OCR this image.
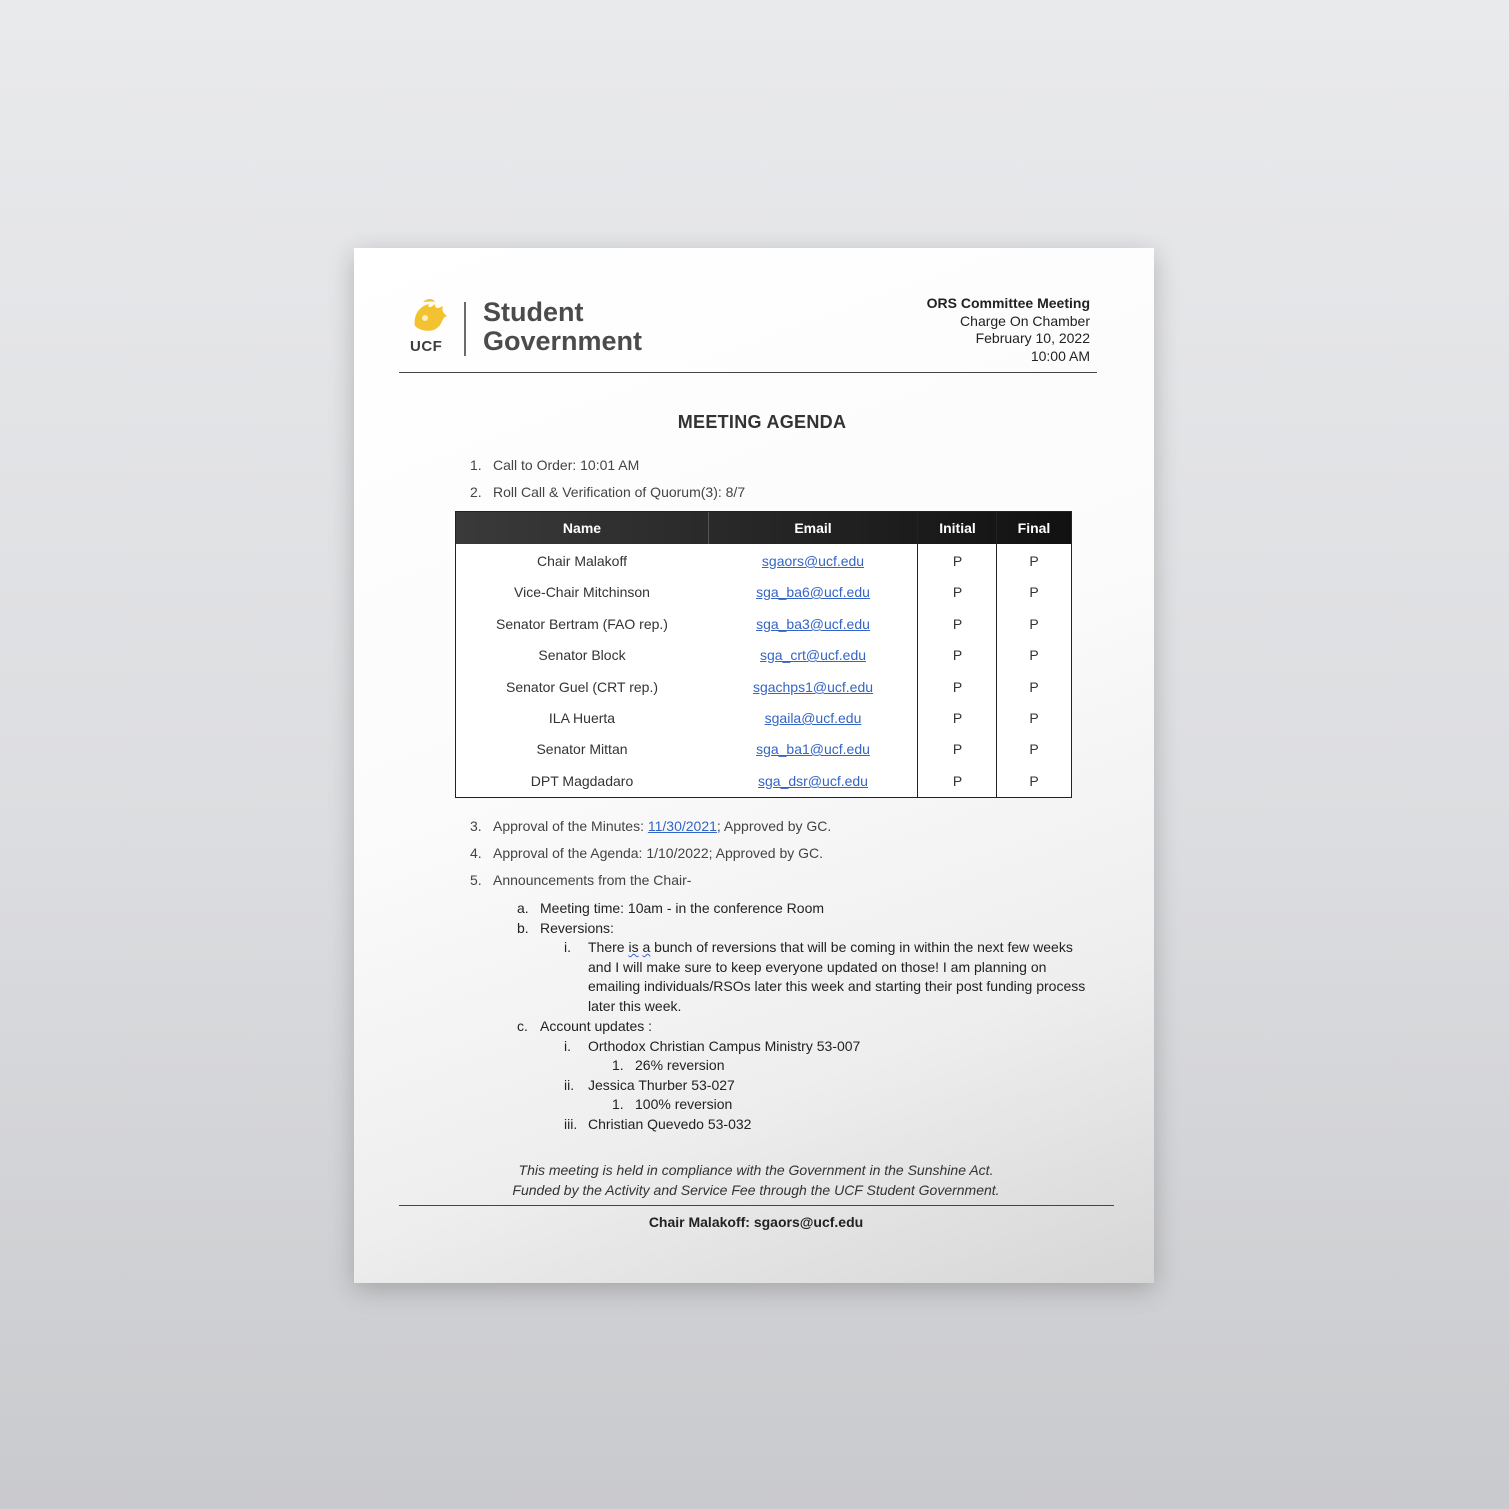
UCF
Student
Government
ORS Committee Meeting
Charge On Chamber
February 10, 2022
10:00 AM
MEETING AGENDA
1. Call to Order: 10:01 AM
2. Roll Call & Verification of Quorum(3): 8/7
Name	Email	Initial	Final
Chair Malakoff	sgaors@ucf.edu	P	P
Vice-Chair Mitchinson	sga_ba6@ucf.edu	P	P
Senator Bertram (FAO rep.)	sga_ba3@ucf.edu	P	P
Senator Block	sga_crt@ucf.edu	P	P
Senator Guel (CRT rep.)	sgachps1@ucf.edu	P	P
ILA Huerta	sgaila@ucf.edu	P	P
Senator Mittan	sga_ba1@ucf.edu	P	P
DPT Magdadaro	sga_dsr@ucf.edu	P	P
3. Approval of the Minutes: 11/30/2021; Approved by GC.
4. Approval of the Agenda: 1/10/2022; Approved by GC.
5. Announcements from the Chair-
a. Meeting time: 10am - in the conference Room
b. Reversions:
i. There is a bunch of reversions that will be coming in within the next few weeks and I will make sure to keep everyone updated on those! I am planning on emailing individuals/RSOs later this week and starting their post funding process later this week.
c. Account updates :
i. Orthodox Christian Campus Ministry 53-007
1. 26% reversion
ii. Jessica Thurber 53-027
1. 100% reversion
iii. Christian Quevedo 53-032
This meeting is held in compliance with the Government in the Sunshine Act.
Funded by the Activity and Service Fee through the UCF Student Government.
Chair Malakoff: sgaors@ucf.edu
